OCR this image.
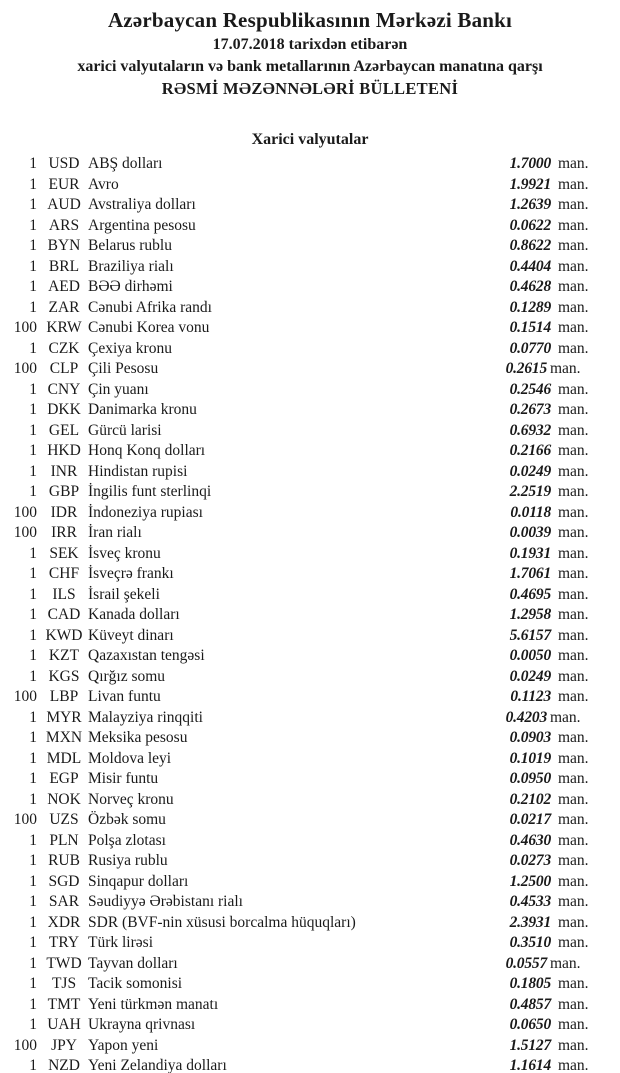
Azərbaycan Respublikasının Mərkəzi Bankı

17.07.2018 tarixdən etibarən

xarici valyutaların və bank metallarının Azərbaycan manatına qarşı

RƏSMİ MƏZƏNNƏLƏRİ BÜLLETENİ

Xarici valyutalar
1 USD ABŞ dolları	1.7000 man.
1 EUR Avro	1.9921 man.
1 AUD Avstraliya dolları	1.2639 man.
1 ARS Argentina pesosu	0.0622 man.
1 BYN Belarus rublu	0.8622 man.
1 BRL Braziliya rialı	0.4404 man.
1 AED BƏƏ dirhəmi	0.4628 man.
1 ZAR Cənubi Afrika randı	0.1289 man.
100 KRW Cənubi Korea vonu	0.1514 man.
1 CZK Çexiya kronu	0.0770 man.
100 CLP Çili Pesosu	0.2615 man.
1 CNY Çin yuanı	0.2546 man.
1 DKK Danimarka kronu	0.2673 man.
1 GEL Gürcü larisi	0.6932 man.
1 HKD Honq Konq dolları	0.2166 man.
1 INR Hindistan rupisi	0.0249 man.
1 GBP İngilis funt sterlinqi	2.2519 man.
100 IDR İndoneziya rupiası	0.0118 man.
100 IRR İran rialı	0.0039 man.
1 SEK İsveç kronu	0.1931 man.
1 CHF İsveçrə frankı	1.7061 man.
1 ILS İsrail şekeli	0.4695 man.
1 CAD Kanada dolları	1.2958 man.
1 KWD Küveyt dinarı	5.6157 man.
1 KZT Qazaxıstan tengəsi	0.0050 man.
1 KGS Qırğız somu	0.0249 man.
100 LBP Livan funtu	0.1123 man.
1 MYR Malayziya rinqqiti	0.4203 man.
1 MXN Meksika pesosu	0.0903 man.
1 MDL Moldova leyi	0.1019 man.
1 EGP Misir funtu	0.0950 man.
1 NOK Norveç kronu	0.2102 man.
100 UZS Özbək somu	0.0217 man.
1 PLN Polşa zlotası	0.4630 man.
1 RUB Rusiya rublu	0.0273 man.
1 SGD Sinqapur dolları	1.2500 man.
1 SAR Səudiyyə Ərəbistanı rialı	0.4533 man.
1 XDR SDR (BVF-nin xüsusi borcalma hüquqları)	2.3931 man.
1 TRY Türk lirəsi	0.3510 man.
1 TWD Tayvan dolları	0.0557 man.
1 TJS Tacik somonisi	0.1805 man.
1 TMT Yeni türkmən manatı	0.4857 man.
1 UAH Ukrayna qrivnası	0.0650 man.
100 JPY Yapon yeni	1.5127 man.
1 NZD Yeni Zelandiya dolları	1.1614 man.
